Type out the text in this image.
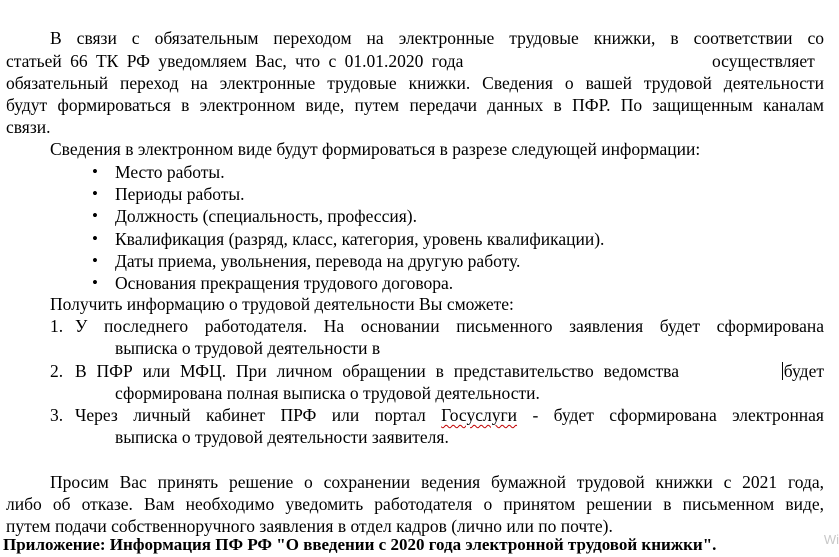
В связи с обязательным переходом на электронные трудовые книжки, в соответствии со
статьей 66 ТК РФ уведомляем Вас, что с 01.01.2020 года	осуществляет
обязательный переход на электронные трудовые книжки. Сведения о вашей трудовой деятельности
будут формироваться в электронном виде, путем передачи данных в ПФР. По защищенным каналам
связи.
Сведения в электронном виде будут формироваться в разрезе следующей информации:
• Место работы.
• Периоды работы.
• Должность (специальность, профессия).
• Квалификация (разряд, класс, категория, уровень квалификации).
• Даты приема, увольнения, перевода на другую работу.
• Основания прекращения трудового договора.
Получить информацию о трудовой деятельности Вы сможете:
1. У последнего работодателя. На основании письменного заявления будет сформирована
выписка о трудовой деятельности в
2. В ПФР или МФЦ. При личном обращении в представительство ведомства	будет
сформирована полная выписка о трудовой деятельности.
3. Через личный кабинет ПРФ или портал Госуслуги - будет сформирована электронная
выписка о трудовой деятельности заявителя.
Просим Вас принять решение о сохранении ведения бумажной трудовой книжки с 2021 года,
либо об отказе. Вам необходимо уведомить работодателя о принятом решении в письменном виде,
путем подачи собственноручного заявления в отдел кадров (лично или по почте).
Приложение: Информация ПФ РФ "О введении с 2020 года электронной трудовой книжки".	Wi
